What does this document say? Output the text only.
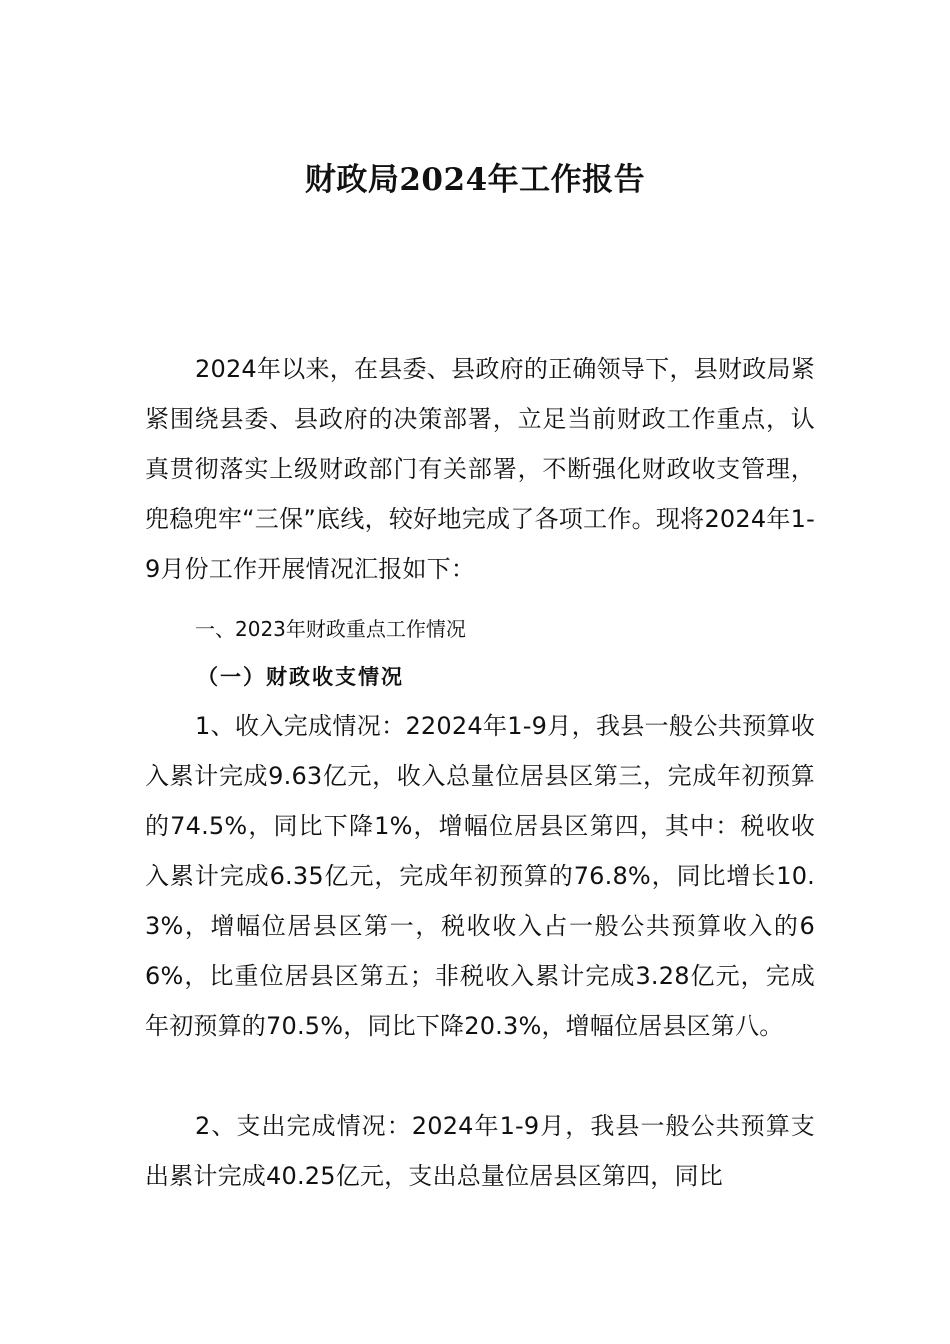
财政局2024年工作报告

2024年以来，在县委、县政府的正确领导下，县财政局紧紧围绕县委、县政府的决策部署，立足当前财政工作重点，认真贯彻落实上级财政部门有关部署，不断强化财政收支管理，兜稳兜牢“三保”底线，较好地完成了各项工作。现将2024年1-9月份工作开展情况汇报如下：

一、2023年财政重点工作情况
（一）财政收支情况

1、收入完成情况：22024年1-9月，我县一般公共预算收入累计完成9.63亿元，收入总量位居县区第三，完成年初预算的74.5%，同比下降1%，增幅位居县区第四，其中：税收收入累计完成6.35亿元，完成年初预算的76.8%，同比增长10.3%，增幅位居县区第一，税收收入占一般公共预算收入的66%，比重位居县区第五；非税收入累计完成3.28亿元，完成年初预算的70.5%，同比下降20.3%，增幅位居县区第八。

2、支出完成情况：2024年1-9月，我县一般公共预算支出累计完成40.25亿元，支出总量位居县区第四，同比
